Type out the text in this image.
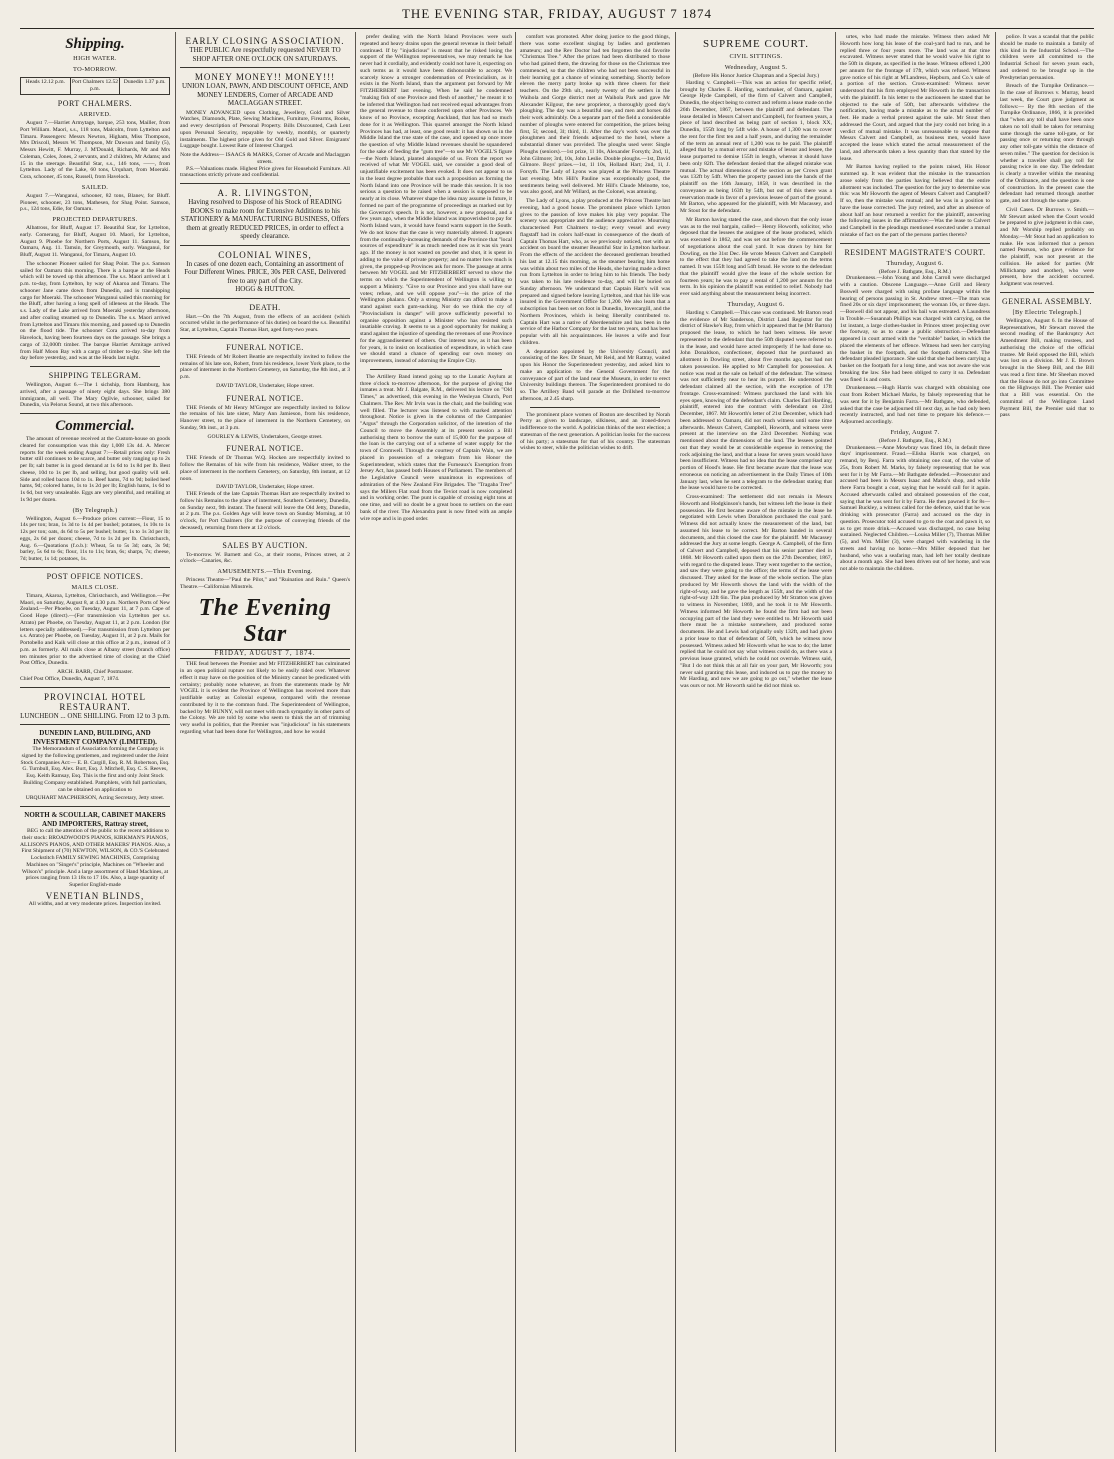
THE EVENING STAR, FRIDAY, AUGUST 7 1874
Shipping.
HIGH WATER.
TO-MORROW.
Heads 12.12 p.m.	Port Chalmers 12.52 p.m.
Dunedin 1.37 p.m.
PORT CHALMERS.
ARRIVED.

August 7.—Harriet Armytage, barque, 253 tons, Mailler, from Port William. Maori, s.s., 118 tons, Malcolm, from Lyttelton and Timaru. Passengers: Messrs Newton, Higham, Miss Thompson, Mrs Driscoll, Messrs W. Thompson, Mr Dawson and family (5), Messrs Hewitt, F. Murray, J. M'Donald, Richards, Mr and Mrs Coleman, Coles, Jones, 2 servants, and 2 children, Mr Adams; and 15 in the steerage. Beautiful Star, s.s., 146 tons, ——, from Lyttelton. Lady of the Lake, 60 tons, Urquhart, from Moeraki. Cora, schooner, 45 tons, Russell, from Havelock.

SAILED.

August 7.—Wanganui, schooner, 82 tons, Blanev, for Bluff. Pioneer, schooner, 23 tons, Mathesen, for Shag Point. Samson, p.s., 124 tons, Edie, for Oamaru.

PROJECTED DEPARTURES.

Albatross, for Bluff, August 17. Beautiful Star, for Lyttelton, early. Comerang, for Bluff, August 10. Maori, for Lyttelton, August 9. Phoebe for Northern Ports, August 11. Samson, for Oamaru, Aug. 11. Tamsin, for Greymouth, early. Wanganui, for Bluff, August 11. Wanganui, for Timaru, August 10.

The schooner Pioneer sailed for Shag Point. The p.s. Samson sailed for Oamaru this morning. There is a barque at the Heads which will be towed up this afternoon. The s.s. Maori arrived at 1 p.m. to-day, from Lyttelton, by way of Akaroa and Timaru. The schooner Jane came down from Dunedin, and is transhipping cargo for Moeraki. The schooner Wanganui sailed this morning for the Bluff, after having a long spell of idleness at the Heads. The s.s. Lady of the Lake arrived from Moeraki yesterday afternoon, and after coaling steamed up to Dunedin. The s.s. Maori arrived from Lyttelton and Timaru this morning, and passed up to Dunedin on the flood tide. The schooner Cora arrived to-day from Havelock, having been fourteen days on the passage. She brings a cargo of 32,000ft timber. The barque Harriet Armitage arrived from Half Moon Bay with a cargo of timber to-day. She left the day before yesterday, and was at the Heads last night.

SHIPPING TELEGRAM.

Wellington, August 6.—The 1 sichship, from Hamburg, has arrived, after a passage of ninety eight days. She brings 380 immigrants, all well. The Mary Ogilvie, schooner, sailed for Dunedin, via Pelorus Sound, at two this afternoon.

Commercial.

The amount of revenue received at the Custom-house on goods cleared for consumption was this day 1,008 13s 4d. A. Mercer reports for the week ending August 7:—Retail prices only: Fresh butter still continues to be scarce, and butter only ranging up to 2s per lb; salt butter is in good demand at 1s 6d to 1s 8d per lb. Best cheese, 10d to 1s per lb, and selling, but good quality will sell. Side and rolled bacon 10d to 1s. Beef hams, 7d to 9d; boiled beef hams, 9d; colored hams, 1s to 1s 2d per lb; English hams, 1s 6d to 1s 6d, but very unsaleable. Eggs are very plentiful, and retailing at 1s 9d per dozen.

(By Telegraph.)

Wellington, August 6.—Produce prices current:—Flour, 15 to 14s per ton; bran, 1s 3d to 1s 4d per bushel; potatoes, 1s 10s to 1s 12s per ton; oats, 4s 6d to 5s per bushel; butter, 1s to 1s 3d per lb; eggs, 2s 6d per dozen; cheese, 7d to 1s 2d per lb. Christchurch, Aug. 6.—Quotations (f.o.b.): Wheat, 5s to 5s 3d; oats, 3s 9d; barley, 5s 6d to 6s; flour, 11s to 11s; bran, 6s; sharps, 7s; cheese, 7d; butter, 1s 1d; potatoes, 1s.

POST OFFICE NOTICES.
MAILS CLOSE.

Timaru, Akaroa, Lyttelton, Christchurch, and Wellington.—Per Maori, on Saturday, August 8, at 4.30 p.m. Northern Ports of New Zealand.—Per Phoebe, on Tuesday, August 11, at 7 p.m. Cape of Good Hope (direct).—(For transmission via Lyttelton per s.s. Atrato) per Phoebe, on Tuesday, August 11, at 2 p.m. London (for letters specially addressed).—For transmission from Lyttelton per s.s. Atrato) per Phoebe, on Tuesday, August 11, at 2 p.m. Mails for Portobello and Kaik will close at this office at 2 p.m., instead of 3 p.m. as formerly. All mails close at Albany street (branch office) ten minutes prior to the advertised time of closing at the Chief Post Office, Dunedin.

ARCH. BARR, Chief Postmaster.
Chief Post Office, Dunedin, August 7, 1874.
PROVINCIAL HOTEL RESTAURANT.
LUNCHEON ... ONE SHILLING. From 12 to 3 p.m.
DUNEDIN LAND, BUILDING, AND INVESTMENT COMPANY (LIMITED).

The Memorandum of Association forming the Company is signed by the following gentlemen, and registered under the Joint Stock Companies Act:— E. B. Cargill, Esq. R. M. Robertson, Esq. G. Turnbull, Esq. Alex. Burt, Esq. J. Mitchell, Esq. C. S. Reeves, Esq. Keith Ramsay, Esq. This is the first and only Joint Stock Building Company established. Pamphlets, with full particulars, can be obtained on application to

URQUHART MACPHERSON, Acting Secretary, Jetty street.
NORTH & SCOULLAR, CABINET MAKERS AND IMPORTERS, Rattray street,

BEG to call the attention of the public to the recent additions to their stock: BROADWOOD'S PIANOS, KIRKMAN'S PIANOS, ALLISON'S PIANOS, AND OTHER MAKERS' PIANOS. Also, a First Shipment of (70) NEWTON, WILSON, & CO.'S Celebrated Lockstitch FAMILY SEWING MACHINES, Comprising Machines on "Singer's" principle, Machines on "Wheeler and Wilson's" principle. And a large assortment of Hand Machines, at prices ranging from 13 18s to 17 10s. Also, a large quantity of Superior English-made

VENETIAN BLINDS,
All widths, and at very moderate prices. Inspection invited.
EARLY CLOSING ASSOCIATION.
THE PUBLIC Are respectfully requested NEVER TO SHOP AFTER ONE O'CLOCK ON SATURDAYS.
MONEY MONEY!! MONEY!!!
UNION LOAN, PAWN, AND DISCOUNT OFFICE, AND MONEY LENDERS, Corner of ARCADE AND MACLAGGAN STREET.

MONEY ADVANCED upon Clothing, Jewellery, Gold and Silver Watches, Diamonds, Plate, Sewing Machines, Furniture, Firearms, Books, and every description of Personal Property. Bills Discounted, Cash Lent upon Personal Security, repayable by weekly, monthly, or quarterly instalments. The highest price given for Old Gold and Silver. Emigrants' Luggage bought. Lowest Rate of Interest Charged.

Note the Address— ISAACS & MARKS, Corner of Arcade and Maclaggan streets.

P.S.—Valuations made. Highest Price given for Household Furniture. All transactions strictly private and confidential.

A. R. LIVINGSTON,
Having resolved to Dispose of his Stock of READING BOOKS to make room for Extensive Additions to his STATIONERY & MANUFACTURING BUSINESS, Offers them at greatly REDUCED PRICES, in order to effect a speedy clearance.
COLONIAL WINES,
In cases of one dozen each, Containing an assortment of Four Different Wines. PRICE, 30s PER CASE, Delivered free to any part of the City.
HOGG & HUTTON.
DEATH.

Hart.—On the 7th August, from the effects of an accident (which occurred whilst in the performance of his duties) on board the s.s. Beautiful Star, at Lyttelton, Captain Thomas Hart, aged forty-two years.

FUNERAL NOTICE.

THE Friends of Mr Robert Beattie are respectfully invited to follow the remains of his late son, Robert, from his residence, lower York place, to the place of interment in the Northern Cemetery, on Saturday, the 8th inst., at 3 p.m.

DAVID TAYLOR, Undertaker, Hope street.
FUNERAL NOTICE.

THE Friends of Mr Henry M'Gregor are respectfully invited to follow the remains of his late sister, Mary Ann Jamieson, from his residence, Hanover street, to the place of interment in the Northern Cemetery, on Sunday, 9th inst., at 3 p.m.

GOURLEY & LEWIS, Undertakers, George street.
FUNERAL NOTICE.

THE Friends of Dr Thomas W.Q. Hocken are respectfully invited to follow the Remains of his wife from his residence, Walker street, to the place of interment in the northern Cemetery, on Saturday, 8th instant, at 12 noon.

DAVID TAYLOR, Undertaker, Hope street.

THE Friends of the late Captain Thomas Hart are respectfully invited to follow his Remains to the place of interment, Southern Cemetery, Dunedin, on Sunday next, 9th instant. The funeral will leave the Old Jetty, Dunedin, at 2 p.m. The p.s. Golden Age will leave town on Sunday Morning, at 10 o'clock, for Port Chalmers (for the purpose of conveying friends of the deceased), returning from there at 12 o'clock.

SALES BY AUCTION.

To-morrow. W. Barnett and Co., at their rooms, Princes street, at 2 o'clock—Canaries, &c.

AMUSEMENTS.—This Evening.

Princess Theatre—"Paul the Pilot," and "Ruination and Ruin." Queen's Theatre.—Californian Minstrels.

The Evening Star
FRIDAY, AUGUST 7, 1874.

THE feud between the Premier and Mr FITZHERBERT has culminated in an open political rupture not likely to be easily tided over. Whatever effect it may have on the position of the Ministry cannot be predicated with certainty; probably none whatever, as from the statements made by Mr VOGEL it is evident the Province of Wellington has received more than justifiable outlay as Colonial expense, compared with the revenue contributed by it to the common fund. The Superintendent of Wellington, backed by Mr BUNNY, will not meet with much sympathy in other parts of the Colony. We are told by some who seem to think the art of trimming very useful in politics, that the Premier was "injudicious" in his statements regarding what had been done for Wellington, and how he would

prefer dealing with the North Island Provinces were such repeated and heavy drains upon the general revenue in their behalf continued. If by "injudicious" is meant that he risked losing the support of the Wellington representatives, we may remark he has never had it cordially, and evidently could not have it, expecting on such terms as it would have been dishonorable to accept. We scarcely know a stronger condemnation of Provincialism, as it exists in the North Island, than the argument put forward by Mr FITZHERBERT last evening. When he said he condemned "making fish of one Province and flesh of another," he meant it to be inferred that Wellington had not received equal advantages from the general revenue to those conferred upon other Provinces. We know of no Province, excepting Auckland, that has had so much done for it as Wellington. This quarrel amongst the North Island Provinces has had, at least, one good result: it has shown us in the Middle Island the true state of the case, and opened up once more the question of why Middle Island revenues should be squandered for the sake of feeding the "gum tree"—to use Mr VOGEL'S figure—the North Island, planted alongside of us. From the report we received of what Mr VOGEL said, we consider a good deal of unjustifiable excitement has been evoked. It does not appear to us in the least degree probable that such a proposition as forming the North Island into one Province will be made this session. It is too serious a question to be raised when a session is supposed to be nearly at its close. Whatever shape the idea may assume in future, it formed no part of the programme of proceedings as marked out by the Governor's speech. It is not, however, a new proposal, and a few years ago, when the Middle Island was impoverished to pay for North Island wars, it would have found warm support in the South. We do not know that the case is very materially altered. It appears from the continually-increasing demands of the Province that "local sources of expenditure" is as much needed now as it was six years ago. If the money is not wasted on powder and shot, it is spent in adding to the value of private property; and no matter how much is given, the propped-up Provinces ask for more. The passage at arms between Mr VOGEL and Mr FITZHERBERT served to show the terms on which the Superintendent of Wellington is willing to support a Ministry. "Give to our Province and you shall have our votes; refuse, and we will oppose you"—is the price of the Wellington phalanx. Only a strong Ministry can afford to make a stand against such gum-sucking. Nor do we think the cry of "Provincialism in danger" will prove sufficiently powerful to organise opposition against a Minister who has resisted such insatiable craving. It seems to us a good opportunity for making a stand against the injustice of spending the revenues of one Province for the aggrandisement of others. Our interest now, as it has been for years, is to insist on localisation of expenditure, in which case we should stand a chance of spending our own money on improvements, instead of adorning the Empire City.

The Artillery Band intend going up to the Lunatic Asylum at three o'clock to-morrow afternoon, for the purpose of giving the inmates a treat. Mr J. Balgate, R.M., delivered his lecture on "Old Times," as advertised, this evening in the Wesleyan Church, Port Chalmers. The Rev. Mr Irvin was in the chair, and the building was well filled. The lecturer was listened to with marked attention throughout. Notice is given in the columns of the Companies' "Argus" through the Corporation solicitor, of the intention of the Council to move the Assembly at its present session a Bill authorising them to borrow the sum of 15,000 for the purpose of the loan is the carrying out of a scheme of water supply for the town of Cromwell. Through the courtesy of Captain Wain, we are placed in possession of a telegram from his Honor the Superintendent, which states that the Furneaux's Exemption from Jersey Act, has passed both Houses of Parliament. The members of the Legislative Council were unanimous in expressions of admiration of the New Zealand Fire Brigades. The "Tragaba Tree" says the Millers Flat road from the Teviot road is now completed and in working order. The punt is capable of crossing eight tons at one time, and will no doubt be a great boon to settlers on the east bank of the river. The Alexandra punt is now fitted with an ample wire rope and is in good order.

comfort was promoted. After doing justice to the good things, there was some excellent singing by ladies and gentlemen amateurs; and the Rev Doctor had ten forgotten the old favorite "Christmas Tree." After the prizes had been distributed to those who had gained them, the drawing for those on the Christmas tree commenced, so that the children who had not been successful in their learning got a chance of winning something. Shortly before eleven the merry party broke up with three cheers for their teachers. On the 29th ult., nearly twenty of the settlers in the Waihola and Gorge district met at Waihola Park and gave Mr Alexander Kilgour, the new proprietor, a thoroughly good day's ploughing. The day was a beautiful one, and men and horses did their work admirably. On a separate part of the field a considerable number of ploughs were entered for competition, the prizes being first, 5l; second, 3l; third, 1l. After the day's work was over the ploughmen and their friends adjourned to the hotel, where a substantial dinner was provided. The ploughs used were: Single Ploughs (seniors).—1st prize, 1l 10s, Alexander Forsyth; 2nd, 1l, John Gilmore; 3rd, 10s, John Leslie. Double ploughs.—1st, David Gilmore. Boys' prizes.—1st, 1l 10s, Holland Hart; 2nd, 1l, J. Forsyth. The Lady of Lyons was played at the Princess Theatre last evening. Mrs Hill's Pauline was exceptionally good, the sentiments being well delivered. Mr Hill's Claude Melnotte, too, was also good, and Mr Willard, as the Colonel, was amusing.

The Lady of Lyons, a play produced at the Princess Theatre last evening, had a good house. The prominent place which Lytton gives to the passion of love makes his play very popular. The scenery was appropriate and the audience appreciative. Mourning characterised Port Chalmers to-day; every vessel and every flagstaff had its colors half-mast in consequence of the death of Captain Thomas Hart, who, as we previously noticed, met with an accident on board the steamer Beautiful Star in Lyttelton harbour. From the effects of the accident the deceased gentleman breathed his last at 12.15 this morning, as the steamer bearing him home was within about two miles of the Heads, she having made a direct run from Lyttelton in order to bring him to his friends. The body was taken to his late residence to-day, and will be buried on Sunday afternoon. We understand that Captain Hart's will was prepared and signed before leaving Lyttelton, and that his life was insured in the Government Office for 1,200. We also learn that a subscription has been set on foot in Dunedin, Invercargill, and the Northern Provinces, which is being liberally contributed to. Captain Hart was a native of Aberdeenshire and has been in the service of the Harbor Company for the last ten years, and has been popular with all his acquaintances. He leaves a wife and four children.

A deputation appointed by the University Council, and consisting of the Rev. Dr Stuart, Mr Reid, and Mr Rattray, waited upon his Honor the Superintendent yesterday, and asked him to make an application to the General Government for the conveyance of part of the land near the Museum, in order to erect University buildings thereon. The Superintendent promised to do so. The Artillery Band will parade at the Drillshed to-morrow afternoon, at 2.45 sharp.

The prominent place women of Boston are described by Norah Perry as given to landscape, silkiness, and an ironed-down indifference to the world. A politician thinks of the next election; a statesman of the next generation. A politician looks for the success of his party; a statesman for that of his country. The statesman wishes to steer, while the politician wishes to drift.

SUPREME COURT.
CIVIL SITTINGS.
Wednesday, August 5.
(Before His Honor Justice Chapman and a Special Jury.)

Harding v. Campbell.—This was an action for specific relief, brought by Charles E. Harding, watchmaker, of Oamaru, against George Hyde Campbell, of the firm of Calvert and Campbell, Dunedin, the object being to correct and reform a lease made on the 26th December, 1867, between the plaintiff and defendant. The lease detailed in Messrs Calvert and Campbell, for fourteen years, a piece of land described as being part of section 1, block XX, Dunedin, 155ft long by 54ft wide. A house of 1,300 was to cover the rent for the first ten and a half years, and during the remainder of the term an annual rent of 1,200 was to be paid. The plaintiff alleged that by a mutual error and mistake of lessor and lessee, the lease purported to demise 155ft in length, whereas it should have been only 82ft. The defendant denied that the alleged mistake was mutual. The actual dimensions of the section as per Crown grant was 132ft by 54ft. When the property passed into the hands of the plaintiff on the 16th January, 1858, it was described in the conveyance as being 163ft by 54ft, but out of this there was a reservation made in favor of a previous lessee of part of the ground. Mr Barton, who appeared for the plaintiff, with Mr Macassey, and Mr Stout for the defendant.

Mr Barton having stated the case, and shown that the only issue was as to the real bargain, called— Henry Howorth, solicitor, who deposed that the lessees the assignee of the lease produced, which was executed in 1862, and was set out before the commencement of negotiations about the coal yard. It was drawn by him for Dowling, on the 31st Dec. He wrote Messrs Calvert and Campbell to the effect that they had agreed to take the land on the terms named. It was 155ft long and 54ft broad. He wrote to the defendant that the plaintiff would give the lease of the whole section for fourteen years; he was to pay a rental of 1,200 per annum for the term. In his opinion the plaintiff was entitled to relief. Nobody had ever said anything about the measurement being incorrect.

Thursday, August 6.

Harding v. Campbell.—This case was continued. Mr Barton read the evidence of Mr Sanderson, District Land Registrar for the district of Hawke's Bay, from which it appeared that he (Mr Barton) proposed the lease, to which he had been witness. He never represented to the defendant that the 50ft disputed were referred to in the lease, and would have acted improperly if he had done so. John Donaldson, confectioner, deposed that he purchased an allotment in Dowling street, about five months ago, but had not taken possession. He applied to Mr Campbell for possession. A notice was read at the sale on behalf of the defendant. The witness was not sufficiently near to hear its purport. He understood the defendant claimed all the section, with the exception of 17ft frontage. Cross-examined: Witness purchased the land with his eyes open, knowing of the defendant's claim. Charles Earl Harding, plaintiff, entered into the contract with defendant on 23rd December, 1867. Mr Howorth's letter of 21st December, which had been addressed to Oamaru, did not reach witness until some time afterwards. Messrs Calvert, Campbell, Howorth, and witness were present at the interview on the 23rd December. Nothing was mentioned about the dimensions of the land. The lessees pointed out that they would be at considerable expense in removing the rock adjoining the land, and that a lease for seven years would have been insufficient. Witness had no idea that the lease comprised any portion of Hood's lease. He first became aware that the lease was erroneous on noticing an advertisement in the Daily Times of 10th January last, when he sent a telegram to the defendant stating that the lease would have to be corrected.

Cross-examined: The settlement did not remain in Messrs Howorth and Hodgkinson's hands, but witness left the lease in their possession. He first became aware of the mistake in the lease he negotiated with Lewis when Donaldson purchased the coal yard. Witness did not actually know the measurement of the land, but assumed his lease to be correct. Mr Barton handed in several documents, and this closed the case for the plaintiff. Mr Macassey addressed the Jury at some length. George A. Campbell, of the firm of Calvert and Campbell, deposed that his senior partner died in 1868. Mr Howorth called upon them on the 27th December, 1867, with regard to the disputed lease. They went together to the section, and saw they were going to the office; the terms of the lease were discussed. They asked for the lease of the whole section. The plan produced by Mr Howorth shows the land with the width of the right-of-way, and he gave the length as 155ft, and the width of the right-of-way 12ft 6in. The plan produced by Mr Stratton was given to witness in November, 1869, and he took it to Mr Howorth. Witness informed Mr Howorth he found the firm had not been occupying part of the land they were entitled to. Mr Howorth said there must be a mistake somewhere, and produced some documents. He and Lewis had originally only 132ft, and had given a prior lease to that of defendant of 50ft, which he witness now possessed. Witness asked Mr Howorth what he was to do; the latter replied that he could not say what witness could do, as there was a previous lease granted, which he could not overrule. Witness said, "But I do not think this at all fair on your part, Mr Howorth; you never said granting this lease, and induced us to pay the money to Mr Harding, and now we are going to go out," whether the lease was ours or not. Mr Howorth said he did not think so.

urtes, who had made the mistake. Witness then asked Mr Howorth how long his lease of the coal-yard had to run, and he replied three or four years more. The land was at that time excavated. Witness never stated that he would waive his right to the 50ft in dispute, as specified in the lease. Witness offered 1,200 per annum for the frontage of 17ft, which was refused. Witness gave notice of his right at M'Landress, Hepburn, and Co.'s sale of a portion of the section. Cross-examined: Witness never understood that his firm employed Mr Howorth in the transaction with the plaintiff. In his letter to the auctioneers he stated that he objected to the sale of 50ft, but afterwards withdrew the notification, having made a mistake as to the actual number of feet. He made a verbal protest against the sale. Mr Stout then addressed the Court, and argued that the jury could not bring in a verdict of mutual mistake. It was unreasonable to suppose that Messrs Calvert and Campbell, as business men, would have accepted the lease which stated the actual measurement of the land, and afterwards taken a less quantity than that stated by the lease.

Mr Barton having replied to the points raised, His Honor summed up. It was evident that the mistake in the transaction arose solely from the parties having believed that the entire allotment was included. The question for the jury to determine was this: was Mr Howorth the agent of Messrs Calvert and Campbell? If so, then the mistake was mutual; and he was in a position to have the lease corrected. The jury retired, and after an absence of about half an hour returned a verdict for the plaintiff, answering the following issues in the affirmative:—Was the lease to Calvert and Campbell in the pleadings mentioned executed under a mutual mistake of fact on the part of the persons parties thereto?

RESIDENT MAGISTRATE'S COURT.
Thursday, August 6.
(Before J. Bathgate, Esq., R.M.)

Drunkenness.—John Young and John Carroll were discharged with a caution. Obscene Language.—Anne Grill and Henry Boswell were charged with using profane language within the hearing of persons passing in St. Andrew street.—The man was fined 20s or six days' imprisonment; the woman 10s, or three days.—Boswell did not appear, and his bail was estreated. A Laundress in Trouble.—Susannah Phillips was charged with carrying, on the 1st instant, a large clothes-basket in Princes street projecting over the footway, so as to cause a public obstruction.—Defendant appeared in court armed with the "veritable" basket, in which the placed the elements of her offence. Witness had seen her carrying the basket in the footpath, and the footpath obstructed. The defendant pleaded ignorance. She said that she had been carrying a basket on the footpath for a long time, and was not aware she was breaking the law. She had been obliged to carry it so. Defendant was fined 1s and costs.

Drunkenness.—Hugh Harris was charged with obtaining one coat from Robert Michael Marks, by falsely representing that he was sent for it by Benjamin Farra.—Mr Bathgate, who defended, asked that the case be adjourned till next day, as he had only been recently instructed, and had not time to prepare his defence.—Adjourned accordingly.

Friday, August 7.
(Before J. Bathgate, Esq., R.M.)

Drunkenness.—Anne Mowbray was fined 10s, in default three days' imprisonment. Fraud.—Elisha Harris was charged, on remand, by Benj. Farra with obtaining one coat, of the value of 25s, from Robert M. Marks, by falsely representing that he was sent for it by Mr Farra.—Mr Bathgate defended.—Prosecutor and accused had been in Messrs Isaac and Marks's shop, and while there Farra bought a coat, saying that he would call for it again. Accused afterwards called and obtained possession of the coat, saying that he was sent for it by Farra. He then pawned it for 8s—Samuel Buckley, a witness called for the defence, said that he was drinking with prosecutor (Farra) and accused on the day in question. Prosecutor told accused to go to the coat and pawn it, so as to get more drink.—Accused was discharged, no case being sustained. Neglected Children.—Louisa Miller (7), Thomas Miller (5), and Wm. Miller (3), were charged with wandering in the streets and having no home.—Mrs Miller deposed that her husband, who was a seafaring man, had left her totally destitute about a month ago. She had been driven out of her home, and was not able to maintain the children.

police. It was a scandal that the public should be made to maintain a family of this kind in the Industrial School.—The children were all committed to the Industrial School for seven years each, and ordered to be brought up in the Presbyterian persuasion.

Breach of the Turnpike Ordinance.—In the case of Burrows v. Murray, heard last week, the Court gave judgment as follows:— By the 8th section of the Turnpike Ordinance, 1866, it is provided that "when any toll shall have been once taken no toll shall be taken for returning same through the same toll-gate, or for passing once or returning once through any other toll-gate within the distance of seven miles." The question for decision is whether a traveller shall pay toll for passing twice in one day. The defendant is clearly a traveller within the meaning of the Ordinance, and the question is one of construction. In the present case the defendant had returned through another gate, and not through the same gate.

Civil Cases. Dr Burrows v. Smith.—Mr Stewart asked when the Court would be prepared to give judgment in this case, and Mr Worship replied probably on Monday.—Mr Stout had an application to make. He was informed that a person named Pearson, who gave evidence for the plaintiff, was not present at the collision. He asked for parties (Mr Millichamp and another), who were present, how the accident occurred. Judgment was reserved.

GENERAL ASSEMBLY.
[By Electric Telegraph.]

Wellington, August 6. In the House of Representatives, Mr Stewart moved the second reading of the Bankruptcy Act Amendment Bill, making trustees, and authorising the choice of the official trustee. Mr Reid opposed the Bill, which was lost on a division. Mr J. E. Brown brought in the Sheep Bill, and the Bill was read a first time. Mr Sheehan moved that the House do not go into Committee on the Highways Bill. The Premier said that a Bill was essential. On the committal of the Wellington Land Payment Bill, the Premier said that to pass
